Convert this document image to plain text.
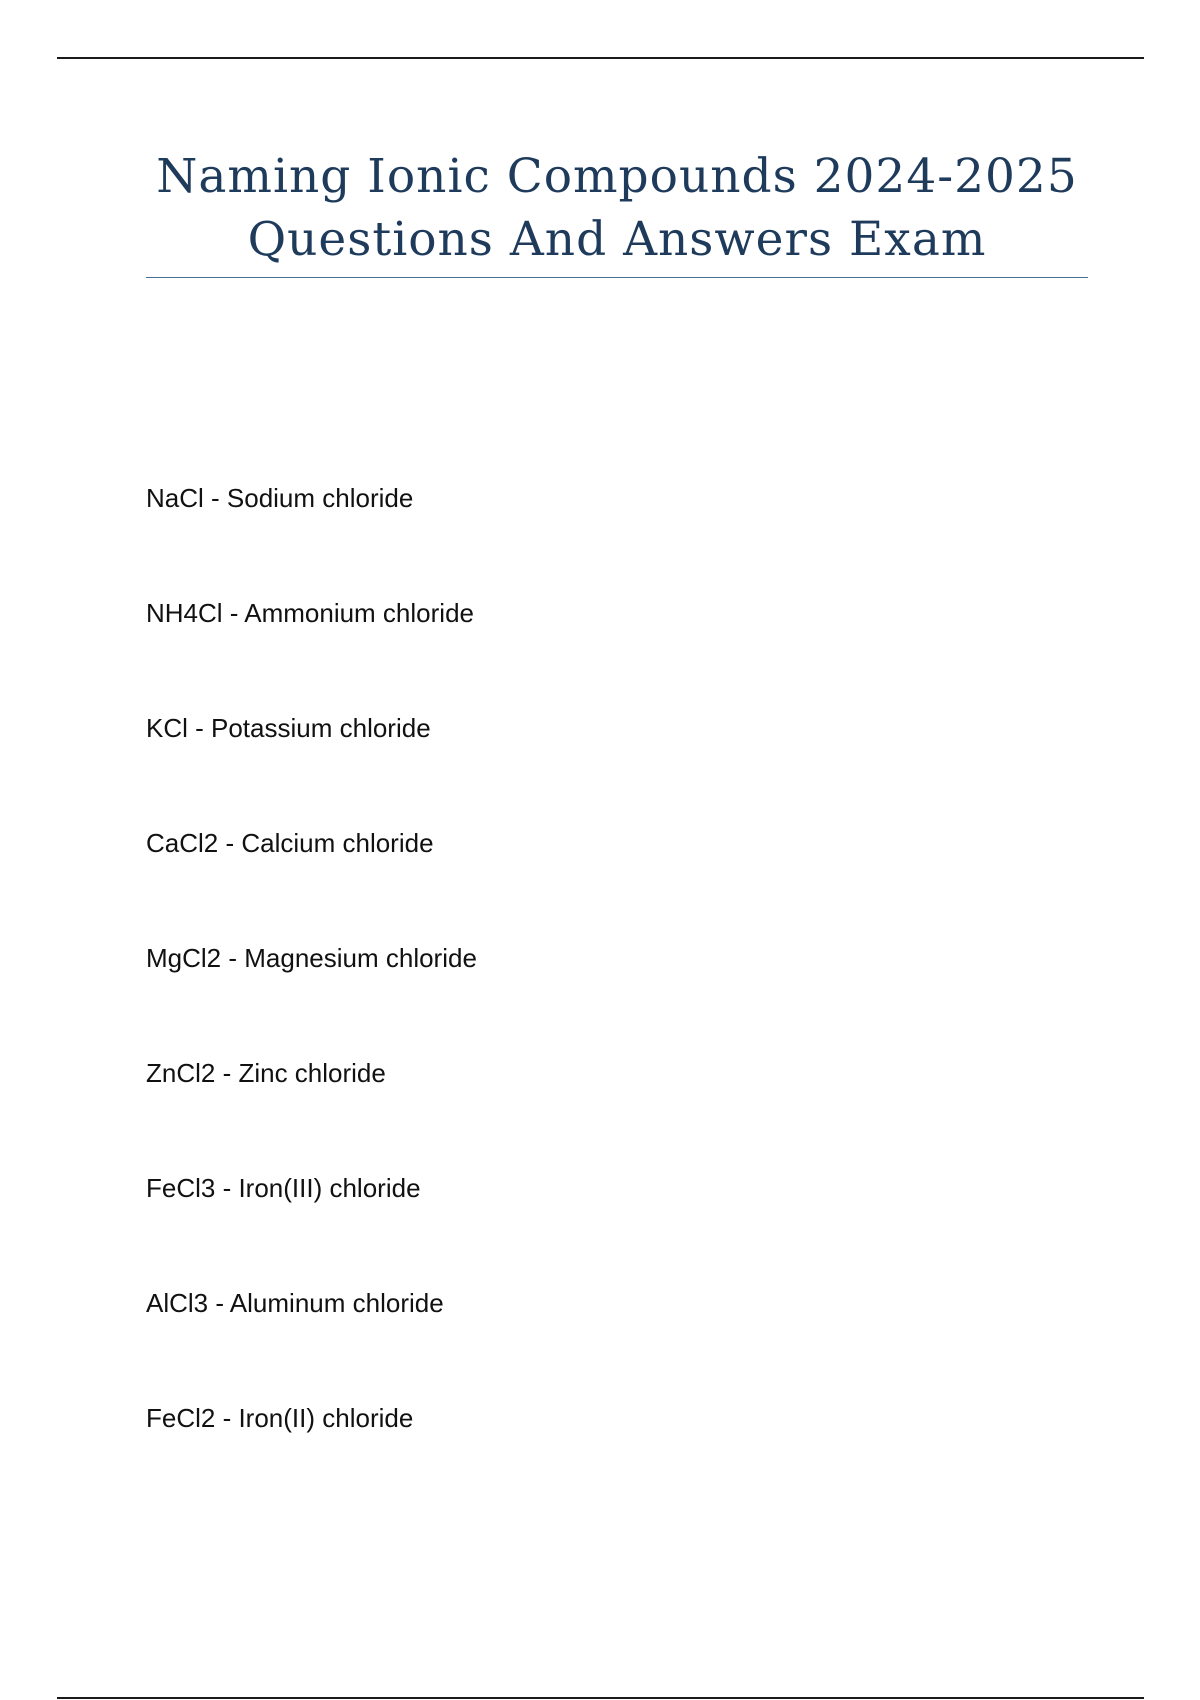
Naming Ionic Compounds 2024-2025
Questions And Answers Exam
NaCl - Sodium chloride
NH4Cl - Ammonium chloride
KCl - Potassium chloride
CaCl2 - Calcium chloride
MgCl2 - Magnesium chloride
ZnCl2 - Zinc chloride
FeCl3 - Iron(III) chloride
AlCl3 - Aluminum chloride
FeCl2 - Iron(II) chloride
